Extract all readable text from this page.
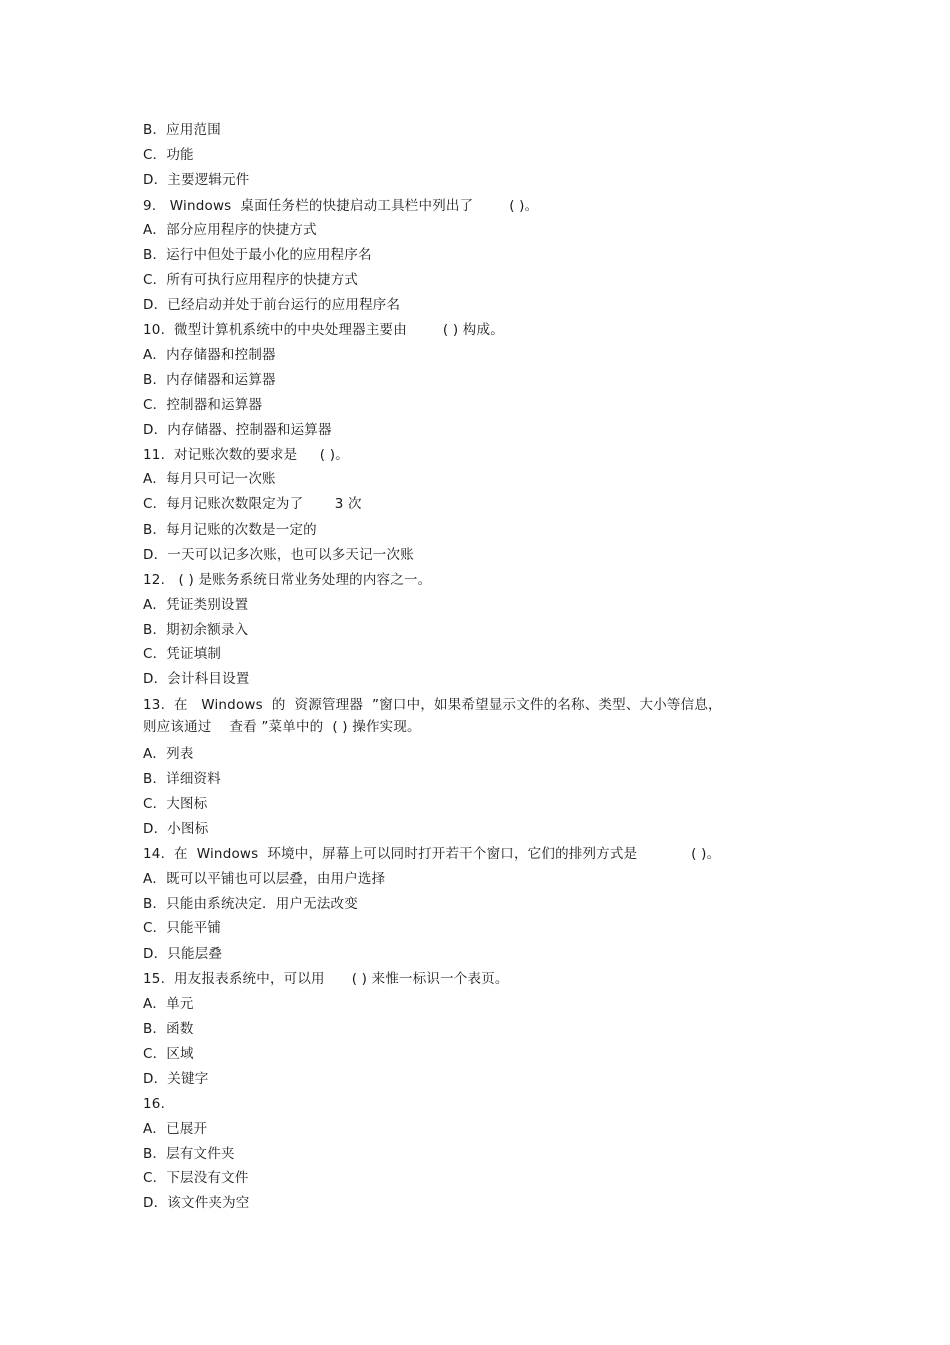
B．应用范围
C．功能
D．主要逻辑元件
9.   Windows  桌面任务栏的快捷启动工具栏中列出了        ( )。
A．部分应用程序的快捷方式
B．运行中但处于最小化的应用程序名
C．所有可执行应用程序的快捷方式
D．已经启动并处于前台运行的应用程序名
10.  微型计算机系统中的中央处理器主要由        ( ) 构成。
A．内存储器和控制器
B．内存储器和运算器
C．控制器和运算器
D．内存储器、控制器和运算器
11.  对记账次数的要求是     ( )。
A．每月只可记一次账
C．每月记账次数限定为了       3 次
B．每月记账的次数是一定的
D．一天可以记多次账，也可以多天记一次账
12.   ( ) 是账务系统日常业务处理的内容之一。
A．凭证类别设置
B．期初余额录入
C．凭证填制
D．会计科目设置
13.  在   Windows  的  资源管理器  ”窗口中，如果希望显示文件的名称、类型、大小等信息，
则应该通过    查看 ”菜单中的  ( ) 操作实现。
A．列表
B．详细资料
C．大图标
D．小图标
14.  在  Windows  环境中，屏幕上可以同时打开若干个窗口，它们的排列方式是            ( )。
A．既可以平铺也可以层叠，由用户选择
B．只能由系统决定．用户无法改变
C．只能平铺
D．只能层叠
15.  用友报表系统中，可以用      ( ) 来惟一标识一个表页。
A．单元
B．函数
C．区域
D．关键字
16.
A．已展开
B．层有文件夹
C．下层没有文件
D．该文件夹为空
